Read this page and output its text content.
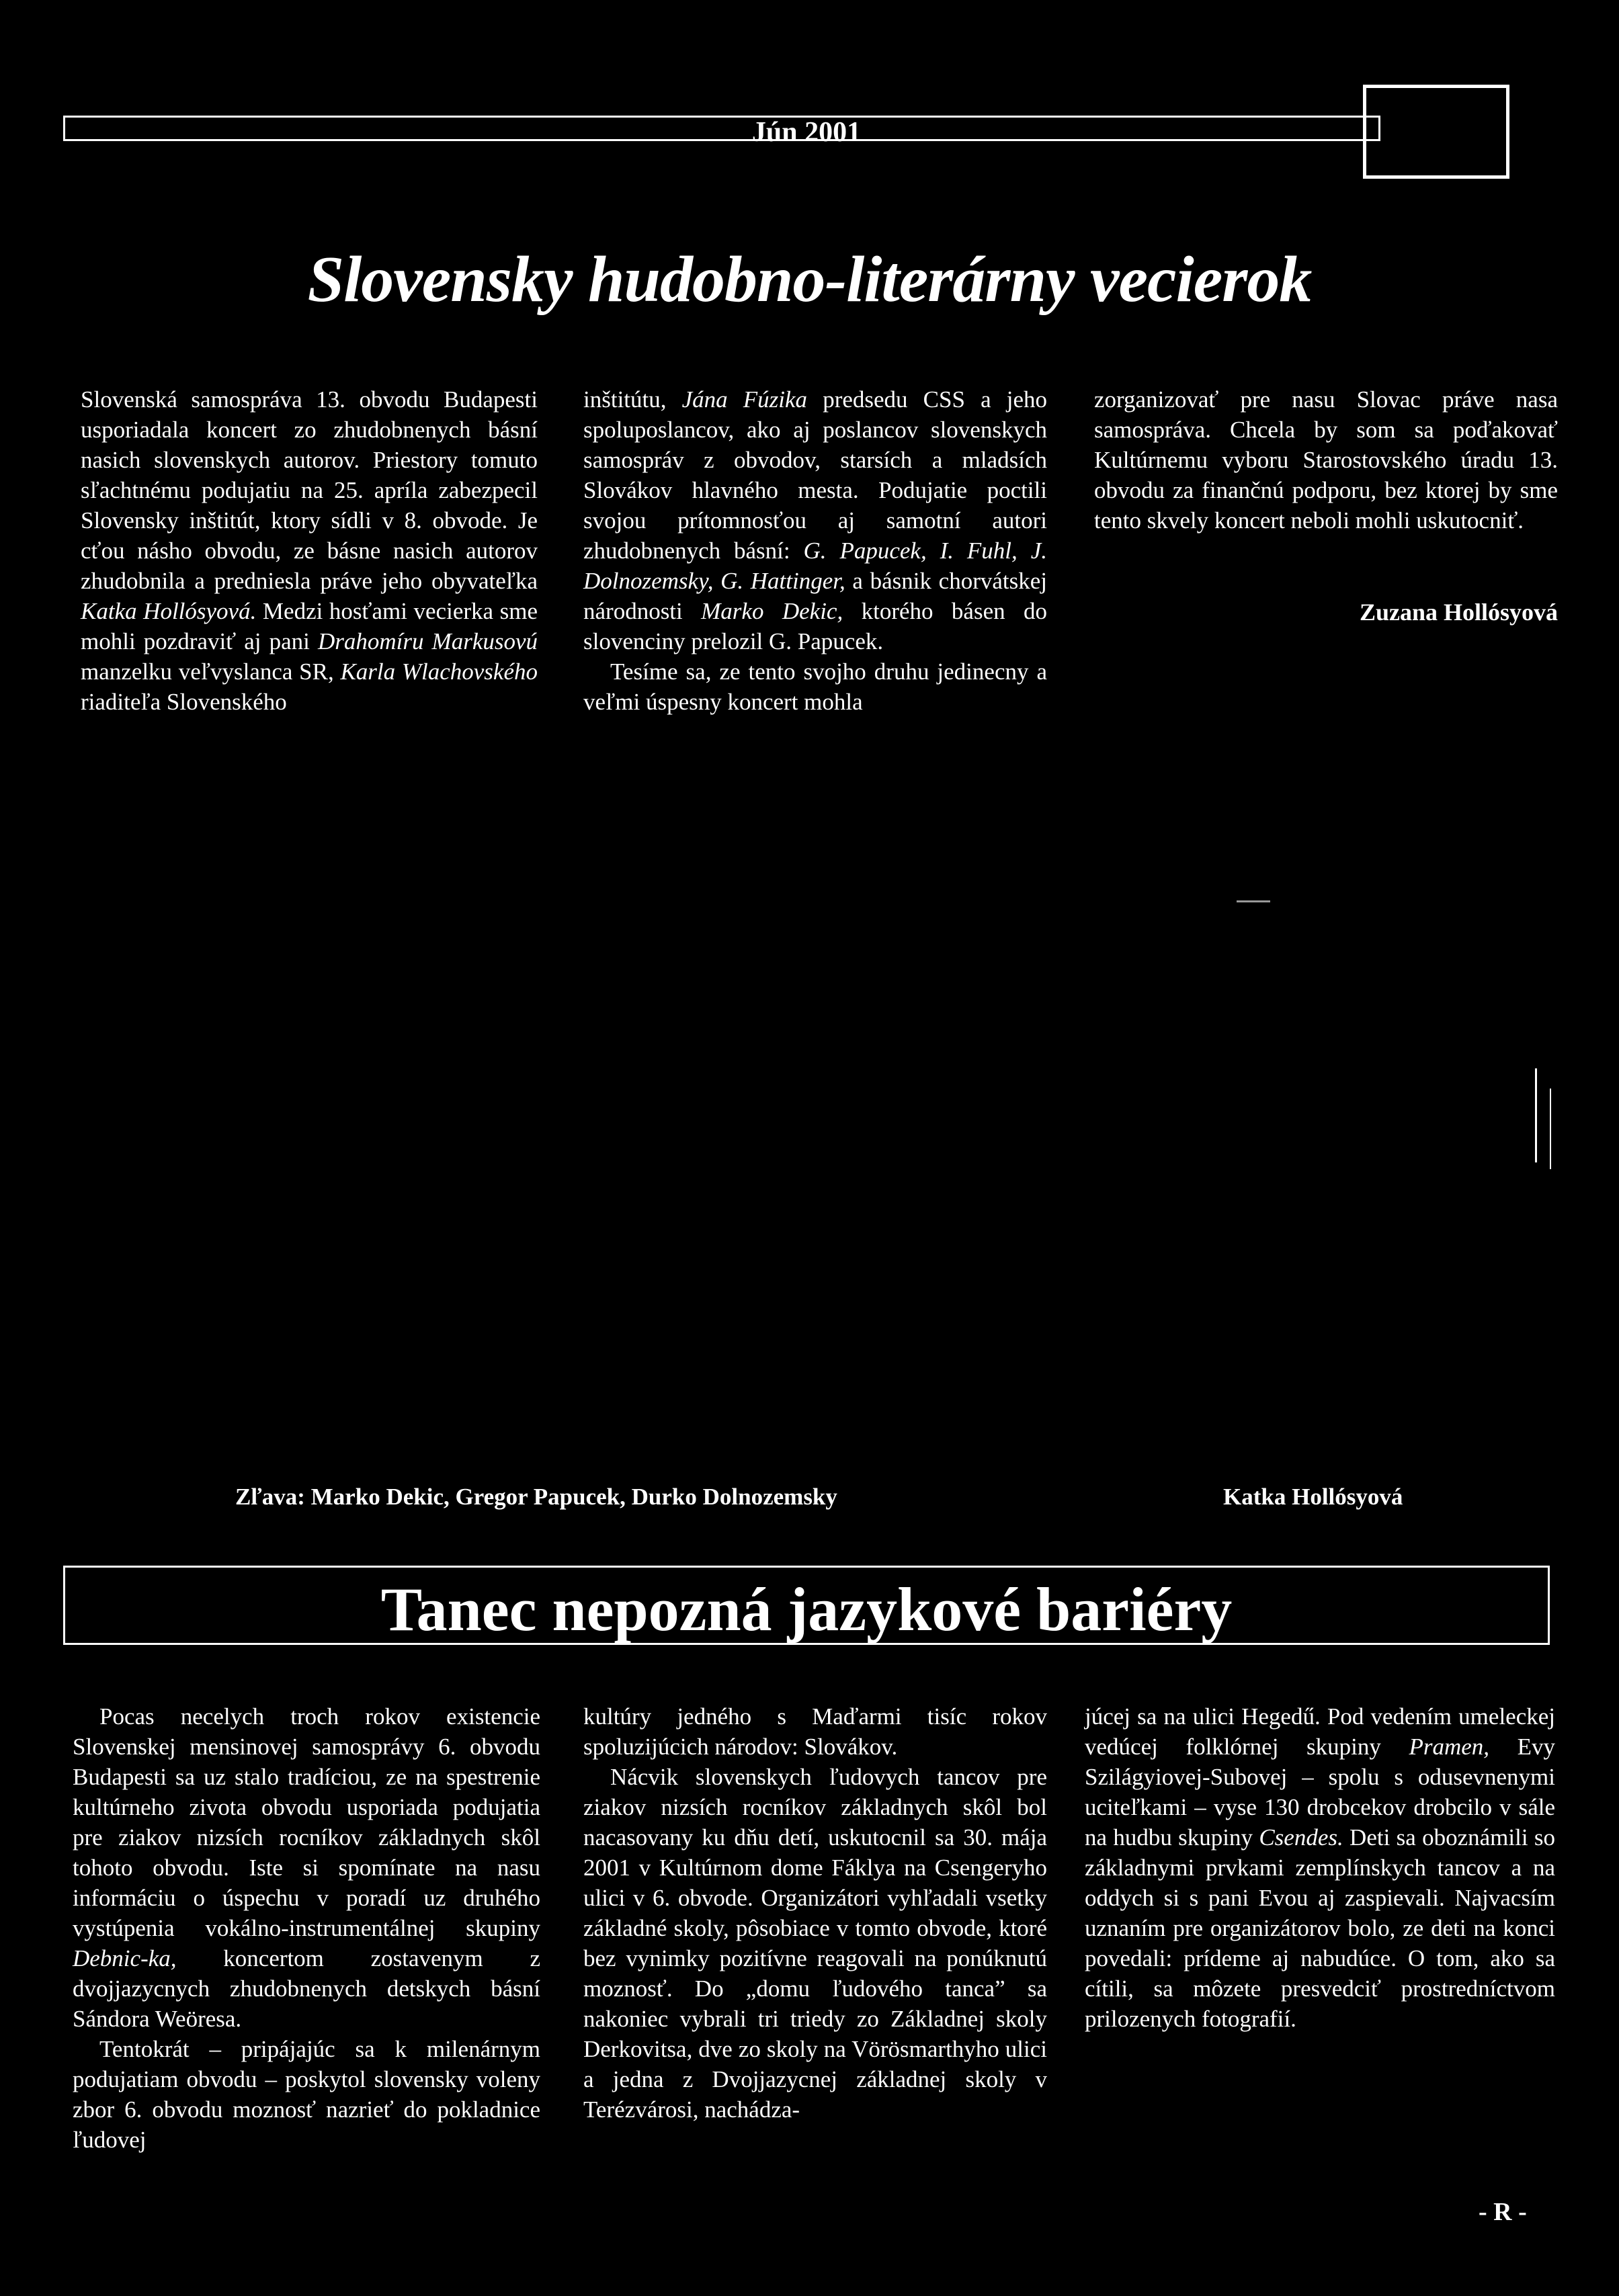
Jún 2001
Slovensky hudobno-literárny vecierok

Slovenská samospráva 13. obvodu Budapesti usporiadala koncert zo zhudobnenych básní nasich slovenskych autorov. Priestory tomuto sľachtnému podujatiu na 25. apríla zabezpecil Slovensky inštitút, ktory sídli v 8. obvode. Je cťou násho obvodu, ze básne nasich autorov zhudobnila a predniesla práve jeho obyvateľka Katka Hollósyová. Medzi hosťami vecierka sme mohli pozdraviť aj pani Drahomíru Markusovú manzelku veľvyslanca SR, Karla Wlachovského riaditeľa Slovenského

inštitútu, Jána Fúzika predsedu CSS a jeho spoluposlancov, ako aj poslancov slovenskych samospráv z obvodov, starsích a mladsích Slovákov hlavného mesta. Podujatie poctili svojou prítomnosťou aj samotní autori zhudobnenych básní: G. Papucek, I. Fuhl, J. Dolnozemsky, G. Hattinger, a básnik chorvátskej národnosti Marko Dekic, ktorého básen do slovenciny prelozil G. Papucek.

Tesíme sa, ze tento svojho druhu jedinecny a veľmi úspesny koncert mohla

zorganizovať pre nasu Slovac práve nasa samospráva. Chcela by som sa poďakovať Kultúrnemu vyboru Starostovského úradu 13. obvodu za finančnú podporu, bez ktorej by sme tento skvely koncert neboli mohli uskutocniť.

Zuzana Hollósyová
Zľava: Marko Dekic, Gregor Papucek, Durko Dolnozemsky	Katka Hollósyová
Tanec nepozná jazykové bariéry

Pocas necelych troch rokov existencie Slovenskej mensinovej samosprávy 6. obvodu Budapesti sa uz stalo tradíciou, ze na spestrenie kultúrneho zivota obvodu usporiada podujatia pre ziakov nizsích rocníkov základnych skôl tohoto obvodu. Iste si spomínate na nasu informáciu o úspechu v poradí uz druhého vystúpenia vokálno-instrumentálnej skupiny Debnic-ka, koncertom zostavenym z dvojjazycnych zhudobnenych detskych básní Sándora Weöresa.

Tentokrát – pripájajúc sa k milenárnym podujatiam obvodu – poskytol slovensky voleny zbor 6. obvodu moznosť nazrieť do pokladnice ľudovej

kultúry jedného s Maďarmi tisíc rokov spoluzijúcich národov: Slovákov.

Nácvik slovenskych ľudovych tancov pre ziakov nizsích rocníkov základnych skôl bol nacasovany ku dňu detí, uskutocnil sa 30. mája 2001 v Kultúrnom dome Fáklya na Csengeryho ulici v 6. obvode. Organizátori vyhľadali vsetky základné skoly, pôsobiace v tomto obvode, ktoré bez vynimky pozitívne reagovali na ponúknutú moznosť. Do „domu ľudového tanca” sa nakoniec vybrali tri triedy zo Základnej skoly Derkovitsa, dve zo skoly na Vörösmarthyho ulici a jedna z Dvojjazycnej základnej skoly v Terézvárosi, nachádza-

júcej sa na ulici Hegedű. Pod vedením umeleckej vedúcej folklórnej skupiny Pramen, Evy Szilágyiovej-Subovej – spolu s odusevnenymi uciteľkami – vyse 130 drobcekov drobcilo v sále na hudbu skupiny Csendes. Deti sa oboznámili so základnymi prvkami zemplínskych tancov a na oddych si s pani Evou aj zaspievali. Najvacsím uznaním pre organizátorov bolo, ze deti na konci povedali: prídeme aj nabudúce. O tom, ako sa cítili, sa môzete presvedciť prostredníctvom prilozenych fotografií.

- R -
